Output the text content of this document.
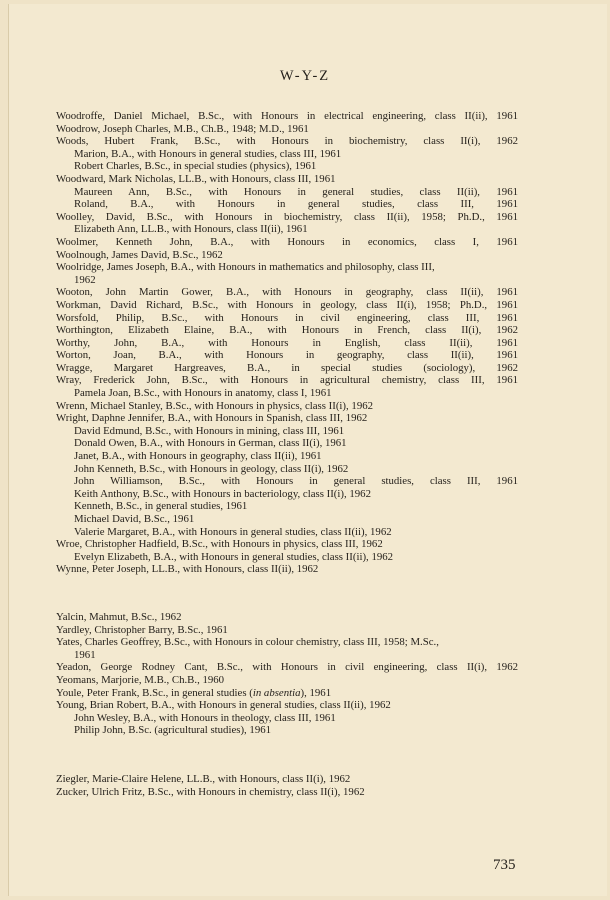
W-Y-Z
Woodroffe, Daniel Michael, B.Sc., with Honours in electrical engineering, class II(ii), 1961
Woodrow, Joseph Charles, M.B., Ch.B., 1948; M.D., 1961
Woods, Hubert Frank, B.Sc., with Honours in biochemistry, class II(i), 1962
Marion, B.A., with Honours in general studies, class III, 1961
Robert Charles, B.Sc., in special studies (physics), 1961
Woodward, Mark Nicholas, LL.B., with Honours, class III, 1961
Maureen Ann, B.Sc., with Honours in general studies, class II(ii), 1961
Roland, B.A., with Honours in general studies, class III, 1961
Woolley, David, B.Sc., with Honours in biochemistry, class II(ii), 1958; Ph.D., 1961
Elizabeth Ann, LL.B., with Honours, class II(ii), 1961
Woolmer, Kenneth John, B.A., with Honours in economics, class I, 1961
Woolnough, James David, B.Sc., 1962
Woolridge, James Joseph, B.A., with Honours in mathematics and philosophy, class III,
1962
Wooton, John Martin Gower, B.A., with Honours in geography, class II(ii), 1961
Workman, David Richard, B.Sc., with Honours in geology, class II(i), 1958; Ph.D., 1961
Worsfold, Philip, B.Sc., with Honours in civil engineering, class III, 1961
Worthington, Elizabeth Elaine, B.A., with Honours in French, class II(i), 1962
Worthy, John, B.A., with Honours in English, class II(ii), 1961
Worton, Joan, B.A., with Honours in geography, class II(ii), 1961
Wragge, Margaret Hargreaves, B.A., in special studies (sociology), 1962
Wray, Frederick John, B.Sc., with Honours in agricultural chemistry, class III, 1961
Pamela Joan, B.Sc., with Honours in anatomy, class I, 1961
Wrenn, Michael Stanley, B.Sc., with Honours in physics, class II(i), 1962
Wright, Daphne Jennifer, B.A., with Honours in Spanish, class III, 1962
David Edmund, B.Sc., with Honours in mining, class III, 1961
Donald Owen, B.A., with Honours in German, class II(i), 1961
Janet, B.A., with Honours in geography, class II(ii), 1961
John Kenneth, B.Sc., with Honours in geology, class II(i), 1962
John Williamson, B.Sc., with Honours in general studies, class III, 1961
Keith Anthony, B.Sc., with Honours in bacteriology, class II(i), 1962
Kenneth, B.Sc., in general studies, 1961
Michael David, B.Sc., 1961
Valerie Margaret, B.A., with Honours in general studies, class II(ii), 1962
Wroe, Christopher Hadfield, B.Sc., with Honours in physics, class III, 1962
Evelyn Elizabeth, B.A., with Honours in general studies, class II(ii), 1962
Wynne, Peter Joseph, LL.B., with Honours, class II(ii), 1962
Yalcin, Mahmut, B.Sc., 1962
Yardley, Christopher Barry, B.Sc., 1961
Yates, Charles Geoffrey, B.Sc., with Honours in colour chemistry, class III, 1958; M.Sc.,
1961
Yeadon, George Rodney Cant, B.Sc., with Honours in civil engineering, class II(i), 1962
Yeomans, Marjorie, M.B., Ch.B., 1960
Youle, Peter Frank, B.Sc., in general studies (in absentia), 1961
Young, Brian Robert, B.A., with Honours in general studies, class II(ii), 1962
John Wesley, B.A., with Honours in theology, class III, 1961
Philip John, B.Sc. (agricultural studies), 1961
Ziegler, Marie-Claire Helene, LL.B., with Honours, class II(i), 1962
Zucker, Ulrich Fritz, B.Sc., with Honours in chemistry, class II(i), 1962
735
